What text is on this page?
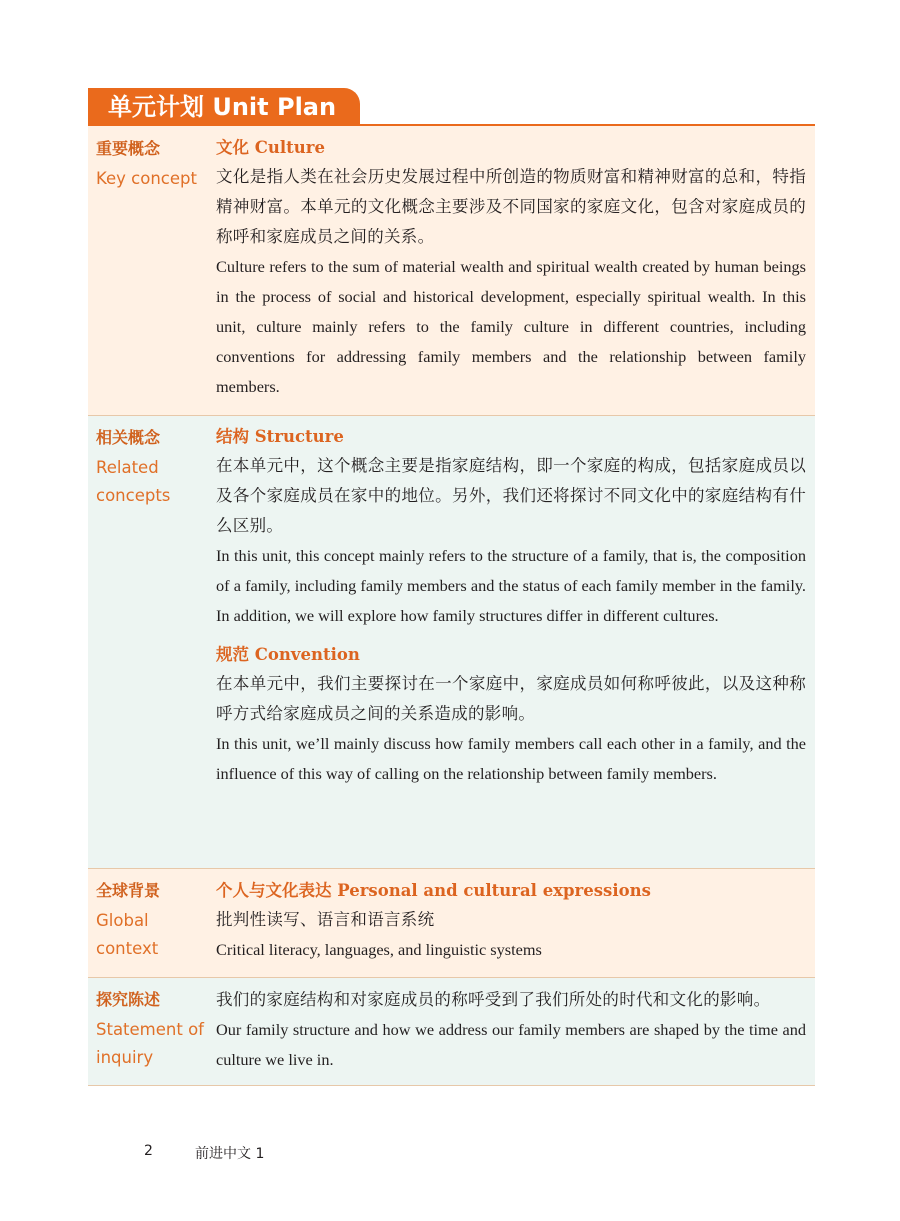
单元计划 Unit Plan
重要概念
Key concept
文化 Culture
文化是指人类在社会历史发展过程中所创造的物质财富和精神财富的总和，特指精神财富。本单元的文化概念主要涉及不同国家的家庭文化，包含对家庭成员的称呼和家庭成员之间的关系。
Culture refers to the sum of material wealth and spiritual wealth created by human beings in the process of social and historical development, especially spiritual wealth. In this unit, culture mainly refers to the family culture in different countries, including conventions for addressing family members and the relationship between family members.
相关概念
Related concepts
结构 Structure
在本单元中，这个概念主要是指家庭结构，即一个家庭的构成，包括家庭成员以及各个家庭成员在家中的地位。另外，我们还将探讨不同文化中的家庭结构有什么区别。
In this unit, this concept mainly refers to the structure of a family, that is, the composition of a family, including family members and the status of each family member in the family. In addition, we will explore how family structures differ in different cultures.
规范 Convention
在本单元中，我们主要探讨在一个家庭中，家庭成员如何称呼彼此，以及这种称呼方式给家庭成员之间的关系造成的影响。
In this unit, we’ll mainly discuss how family members call each other in a family, and the influence of this way of calling on the relationship between family members.
全球背景
Global context
个人与文化表达 Personal and cultural expressions
批判性读写、语言和语言系统
Critical literacy, languages, and linguistic systems
探究陈述
Statement of inquiry
我们的家庭结构和对家庭成员的称呼受到了我们所处的时代和文化的影响。
Our family structure and how we address our family members are shaped by the time and culture we live in.
2	前进中文 1
